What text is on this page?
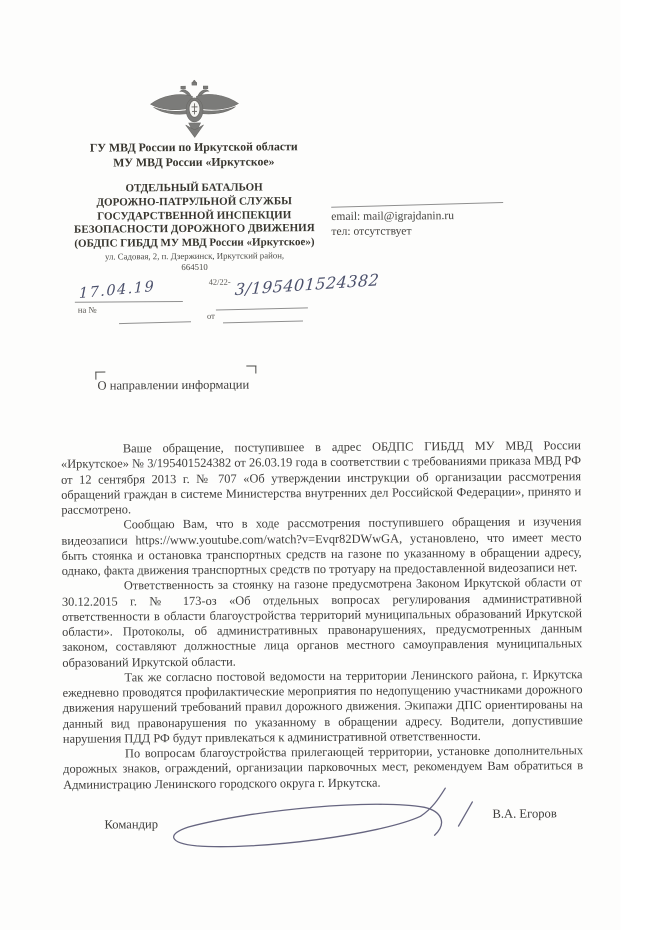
ГУ МВД России по Иркутской области
МУ МВД России «Иркутское»
ОТДЕЛЬНЫЙ БАТАЛЬОН
ДОРОЖНО-ПАТРУЛЬНОЙ СЛУЖБЫ
ГОСУДАРСТВЕННОЙ ИНСПЕКЦИИ
БЕЗОПАСНОСТИ ДОРОЖНОГО ДВИЖЕНИЯ
(ОБДПС ГИБДД МУ МВД России «Иркутское»)
ул. Садовая, 2, п. Дзержинск, Иркутский район,
664510
email: mail@igrajdanin.ru
тел: отсутствует
17.04.19
на №
42/22- 3/195401524382
от
О направлении информации

Ваше обращение, поступившее в адрес ОБДПС ГИБДД МУ МВД России «Иркутское» № 3/195401524382 от 26.03.19 года в соответствии с требованиями приказа МВД РФ от 12 сентября 2013 г. № 707 «Об утверждении инструкции об организации рассмотрения обращений граждан в системе Министерства внутренних дел Российской Федерации», принято и рассмотрено.

Сообщаю Вам, что в ходе рассмотрения поступившего обращения и изучения видеозаписи https://www.youtube.com/watch?v=Evqr82DWwGA, установлено, что имеет место быть стоянка и остановка транспортных средств на газоне по указанному в обращении адресу, однако, факта движения транспортных средств по тротуару на предоставленной видеозаписи нет.

Ответственность за стоянку на газоне предусмотрена Законом Иркутской области от 30.12.2015 г. № 173-оз «Об отдельных вопросах регулирования административной ответственности в области благоустройства территорий муниципальных образований Иркутской области». Протоколы, об административных правонарушениях, предусмотренных данным законом, составляют должностные лица органов местного самоуправления муниципальных образований Иркутской области.

Так же согласно постовой ведомости на территории Ленинского района, г. Иркутска ежедневно проводятся профилактические мероприятия по недопущению участниками дорожного движения нарушений требований правил дорожного движения. Экипажи ДПС ориентированы на данный вид правонарушения по указанному в обращении адресу. Водители, допустившие нарушения ПДД РФ будут привлекаться к административной ответственности.

По вопросам благоустройства прилегающей территории, установке дополнительных дорожных знаков, ограждений, организации парковочных мест, рекомендуем Вам обратиться в Администрацию Ленинского городского округа г. Иркутска.

Командир
В.А. Егоров
